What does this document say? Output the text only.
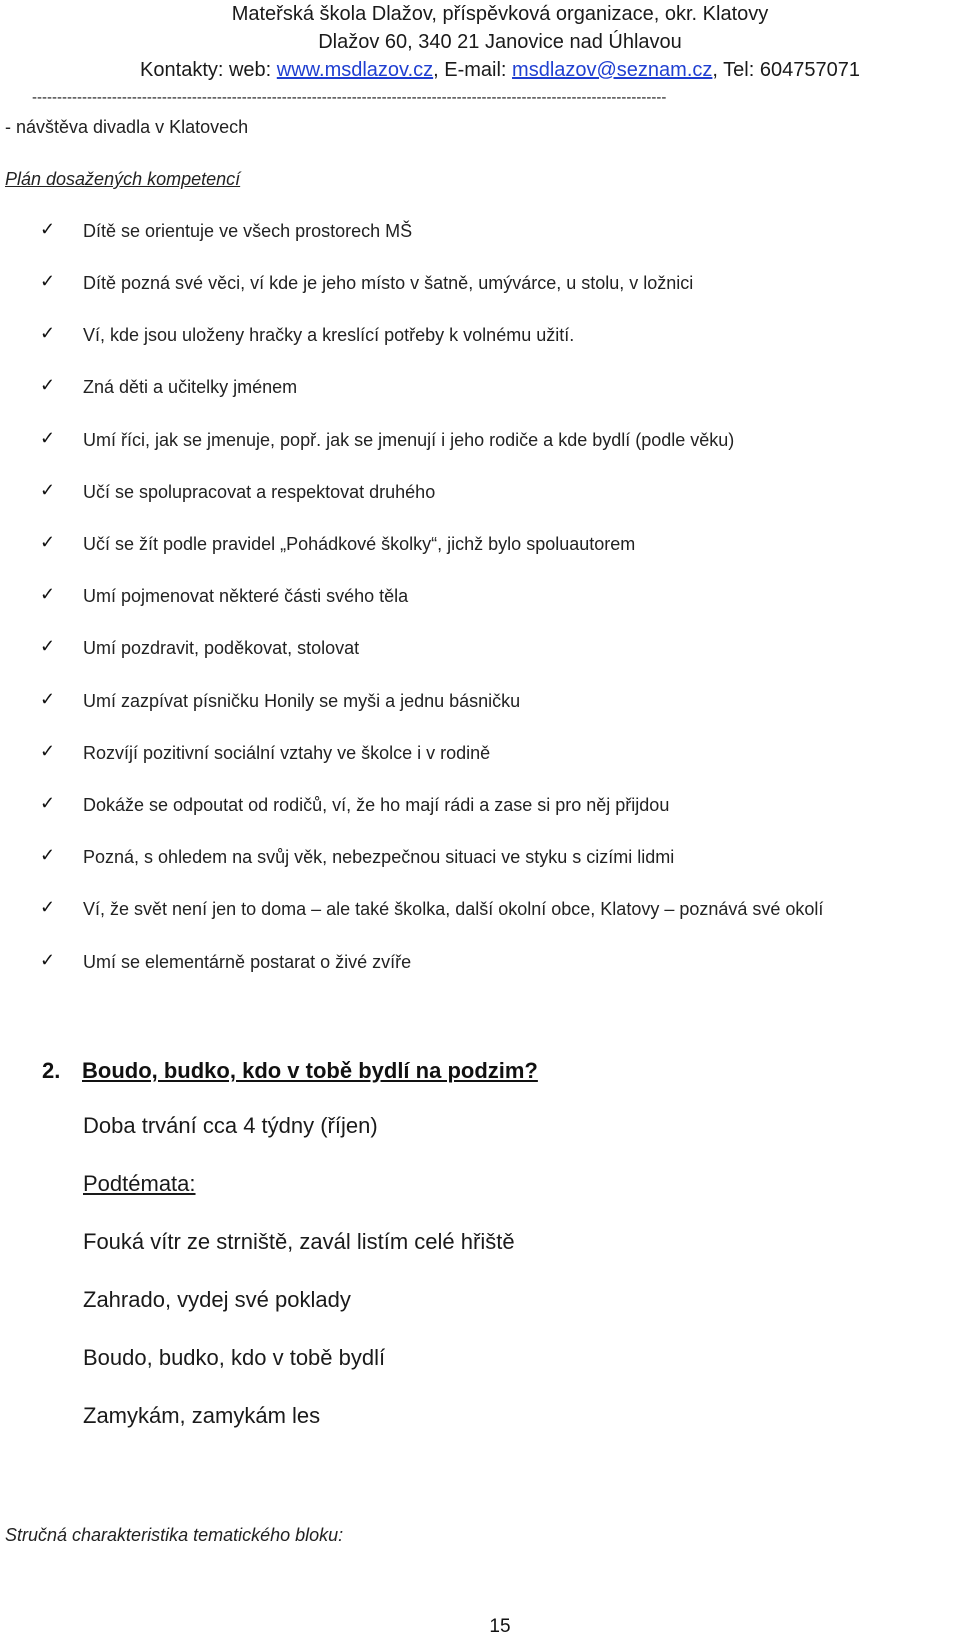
Mateřská škola Dlažov, příspěvková organizace, okr. Klatovy
Dlažov 60, 340 21 Janovice nad Úhlavou
Kontakty: web: www.msdlazov.cz, E-mail: msdlazov@seznam.cz, Tel: 604757071
-------------------------------------------------------------------------------------------------------------------------------
- návštěva divadla v Klatovech
Plán dosažených kompetencí
✓ Dítě se orientuje ve všech prostorech MŠ
✓ Dítě pozná své věci, ví kde je jeho místo v šatně, umývárce, u stolu, v ložnici
✓ Ví, kde jsou uloženy hračky a kreslící potřeby k volnému užití.
✓ Zná děti a učitelky jménem
✓ Umí říci, jak se jmenuje, popř. jak se jmenují i jeho rodiče a kde bydlí (podle věku)
✓ Učí se spolupracovat a respektovat druhého
✓ Učí se žít podle pravidel „Pohádkové školky“, jichž bylo spoluautorem
✓ Umí pojmenovat některé části svého těla
✓ Umí pozdravit, poděkovat, stolovat
✓ Umí zazpívat písničku Honily se myši a jednu básničku
✓ Rozvíjí pozitivní sociální vztahy ve školce i v rodině
✓ Dokáže se odpoutat od rodičů, ví, že ho mají rádi a zase si pro něj přijdou
✓ Pozná, s ohledem na svůj věk, nebezpečnou situaci ve styku s cizími lidmi
✓ Ví, že svět není jen to doma – ale také školka, další okolní obce, Klatovy – poznává své okolí
✓ Umí se elementárně postarat o živé zvíře
2. Boudo, budko, kdo v tobě bydlí na podzim?
Doba trvání cca 4 týdny (říjen)
Podtémata:
Fouká vítr ze strniště, zavál listím celé hřiště
Zahrado, vydej své poklady
Boudo, budko, kdo v tobě bydlí
Zamykám, zamykám les
Stručná charakteristika tematického bloku:
15
